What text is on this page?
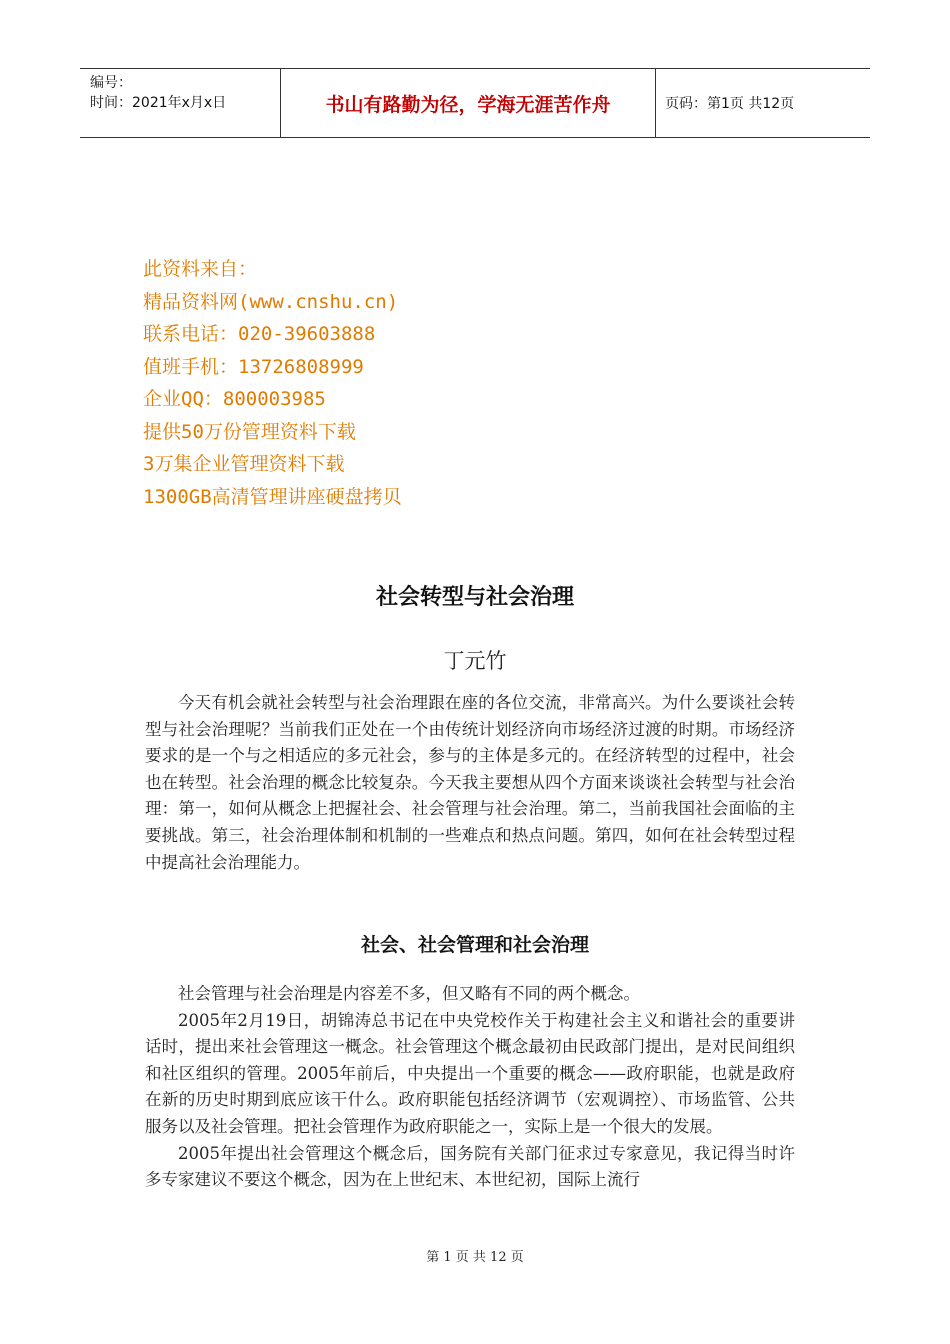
编号：
时间：2021年x月x日	书山有路勤为径，学海无涯苦作舟	页码：第1页 共12页
此资料来自：
精品资料网(www.cnshu.cn)
联系电话：020-39603888
值班手机：13726808999
企业QQ：800003985
提供50万份管理资料下载
3万集企业管理资料下载
1300GB高清管理讲座硬盘拷贝
社会转型与社会治理
丁元竹

今天有机会就社会转型与社会治理跟在座的各位交流，非常高兴。为什么要谈社会转型与社会治理呢？当前我们正处在一个由传统计划经济向市场经济过渡的时期。市场经济要求的是一个与之相适应的多元社会，参与的主体是多元的。在经济转型的过程中，社会也在转型。社会治理的概念比较复杂。今天我主要想从四个方面来谈谈社会转型与社会治理：第一，如何从概念上把握社会、社会管理与社会治理。第二，当前我国社会面临的主要挑战。第三，社会治理体制和机制的一些难点和热点问题。第四，如何在社会转型过程中提高社会治理能力。

社会、社会管理和社会治理

社会管理与社会治理是内容差不多，但又略有不同的两个概念。

2005年2月19日，胡锦涛总书记在中央党校作关于构建社会主义和谐社会的重要讲话时，提出来社会管理这一概念。社会管理这个概念最初由民政部门提出，是对民间组织和社区组织的管理。2005年前后，中央提出一个重要的概念——政府职能，也就是政府在新的历史时期到底应该干什么。政府职能包括经济调节（宏观调控）、市场监管、公共服务以及社会管理。把社会管理作为政府职能之一，实际上是一个很大的发展。

2005年提出社会管理这个概念后，国务院有关部门征求过专家意见，我记得当时许多专家建议不要这个概念，因为在上世纪末、本世纪初，国际上流行

第 1 页 共 12 页
